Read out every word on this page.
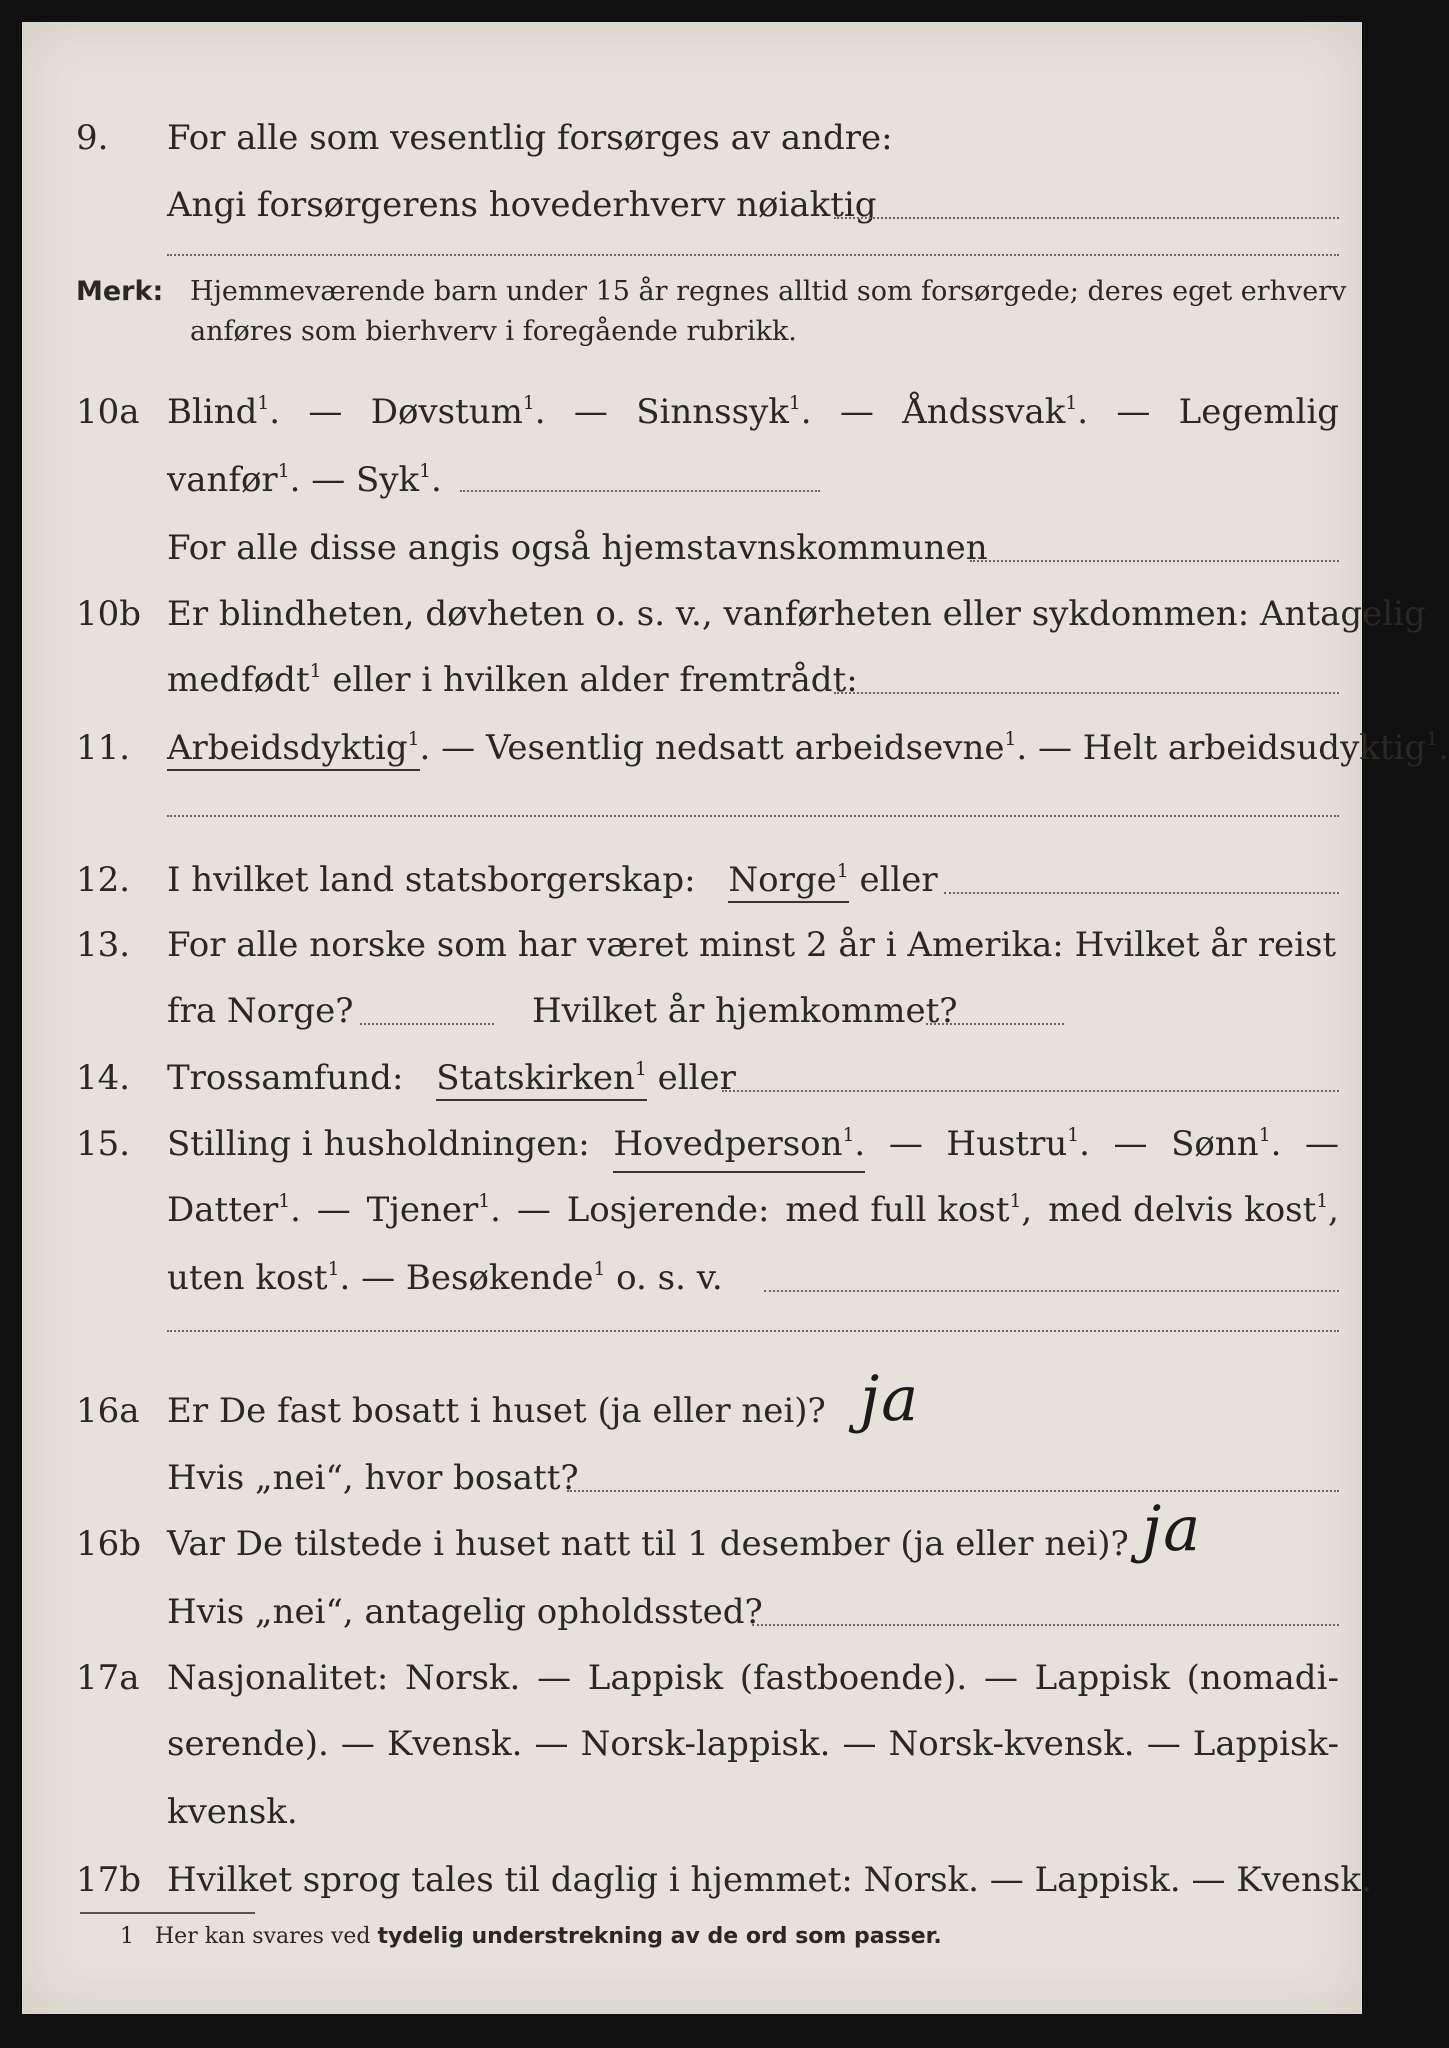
9. For alle som vesentlig forsørges av andre:
Angi forsørgerens hovederhverv nøiaktig
Merk: Hjemmeværende barn under 15 år regnes alltid som forsørgede; deres eget erhverv
anføres som bierhverv i foregående rubrikk.
10a Blind$^1$. — Døvstum$^1$. — Sinnssyk$^1$. — Åndssvak$^1$. — Legemlig
vanfør$^1$. — Syk$^1$.
For alle disse angis også hjemstavnskommunen
10b Er blindheten, døvheten o. s. v., vanførheten eller sykdommen: Antagelig
medfødt$^1$ eller i hvilken alder fremtrådt:
11. Arbeidsdyktig$^1$. — Vesentlig nedsatt arbeidsevne$^1$. — Helt arbeidsudyktig$^1$.
12. I hvilket land statsborgerskap: Norge$^1$ eller
13. For alle norske som har været minst 2 år i Amerika: Hvilket år reist
fra Norge?	Hvilket år hjemkommet?
14. Trossamfund: Statskirken$^1$ eller
15. Stilling i husholdningen: Hovedperson$^1$. — Hustru$^1$. — Sønn$^1$. —
Datter$^1$. — Tjener$^1$. — Losjerende: med full kost$^1$, med delvis kost$^1$,
uten kost$^1$. — Besøkende$^1$ o. s. v.
16a Er De fast bosatt i huset (ja eller nei)? ja
Hvis „nei“, hvor bosatt?
16b Var De tilstede i huset natt til 1 desember (ja eller nei)? ja
Hvis „nei“, antagelig opholdssted?
17a Nasjonalitet: Norsk. — Lappisk (fastboende). — Lappisk (nomadi-
serende). — Kvensk. — Norsk-lappisk. — Norsk-kvensk. — Lappisk-
kvensk.
17b Hvilket sprog tales til daglig i hjemmet: Norsk. — Lappisk. — Kvensk.
1 Her kan svares ved tydelig understrekning av de ord som passer.
